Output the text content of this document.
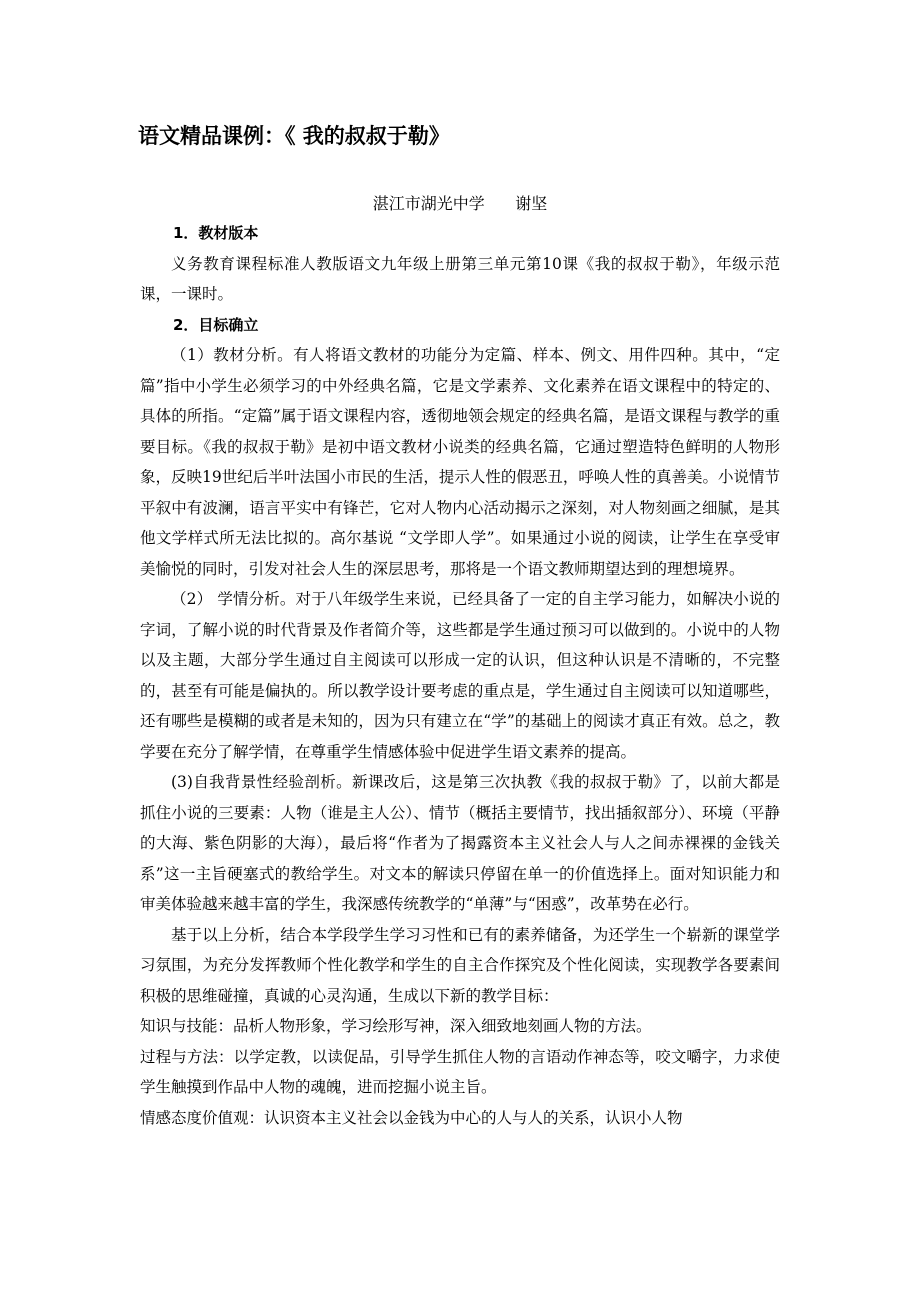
语文精品课例：《 我的叔叔于勒》
湛江市湖光中学      谢坚

1．教材版本

义务教育课程标准人教版语文九年级上册第三单元第10课《我的叔叔于勒》，年级示范课，一课时。

2．目标确立

（1）教材分析。有人将语文教材的功能分为定篇、样本、例文、用件四种。其中，“定篇”指中小学生必须学习的中外经典名篇，它是文学素养、文化素养在语文课程中的特定的、具体的所指。“定篇”属于语文课程内容，透彻地领会规定的经典名篇，是语文课程与教学的重要目标。《我的叔叔于勒》是初中语文教材小说类的经典名篇，它通过塑造特色鲜明的人物形象，反映19世纪后半叶法国小市民的生活，提示人性的假恶丑，呼唤人性的真善美。小说情节平叙中有波澜，语言平实中有锋芒，它对人物内心活动揭示之深刻，对人物刻画之细腻，是其他文学样式所无法比拟的。高尔基说 “文学即人学”。如果通过小说的阅读，让学生在享受审美愉悦的同时，引发对社会人生的深层思考，那将是一个语文教师期望达到的理想境界。

（2） 学情分析。对于八年级学生来说，已经具备了一定的自主学习能力，如解决小说的字词，了解小说的时代背景及作者简介等，这些都是学生通过预习可以做到的。小说中的人物以及主题，大部分学生通过自主阅读可以形成一定的认识，但这种认识是不清晰的，不完整的，甚至有可能是偏执的。所以教学设计要考虑的重点是，学生通过自主阅读可以知道哪些，还有哪些是模糊的或者是未知的，因为只有建立在“学”的基础上的阅读才真正有效。总之，教学要在充分了解学情，在尊重学生情感体验中促进学生语文素养的提高。

(3)自我背景性经验剖析。新课改后，这是第三次执教《我的叔叔于勒》了，以前大都是抓住小说的三要素：人物（谁是主人公）、情节（概括主要情节，找出插叙部分）、环境（平静的大海、紫色阴影的大海），最后将“作者为了揭露资本主义社会人与人之间赤裸裸的金钱关系”这一主旨硬塞式的教给学生。对文本的解读只停留在单一的价值选择上。面对知识能力和审美体验越来越丰富的学生，我深感传统教学的“单薄”与“困惑”，改革势在必行。

基于以上分析，结合本学段学生学习习性和已有的素养储备，为还学生一个崭新的课堂学习氛围，为充分发挥教师个性化教学和学生的自主合作探究及个性化阅读，实现教学各要素间积极的思维碰撞，真诚的心灵沟通，生成以下新的教学目标：

知识与技能：品析人物形象，学习绘形写神，深入细致地刻画人物的方法。

过程与方法：以学定教，以读促品，引导学生抓住人物的言语动作神态等，咬文嚼字，力求使学生触摸到作品中人物的魂魄，进而挖掘小说主旨。

情感态度价值观：认识资本主义社会以金钱为中心的人与人的关系，认识小人物
